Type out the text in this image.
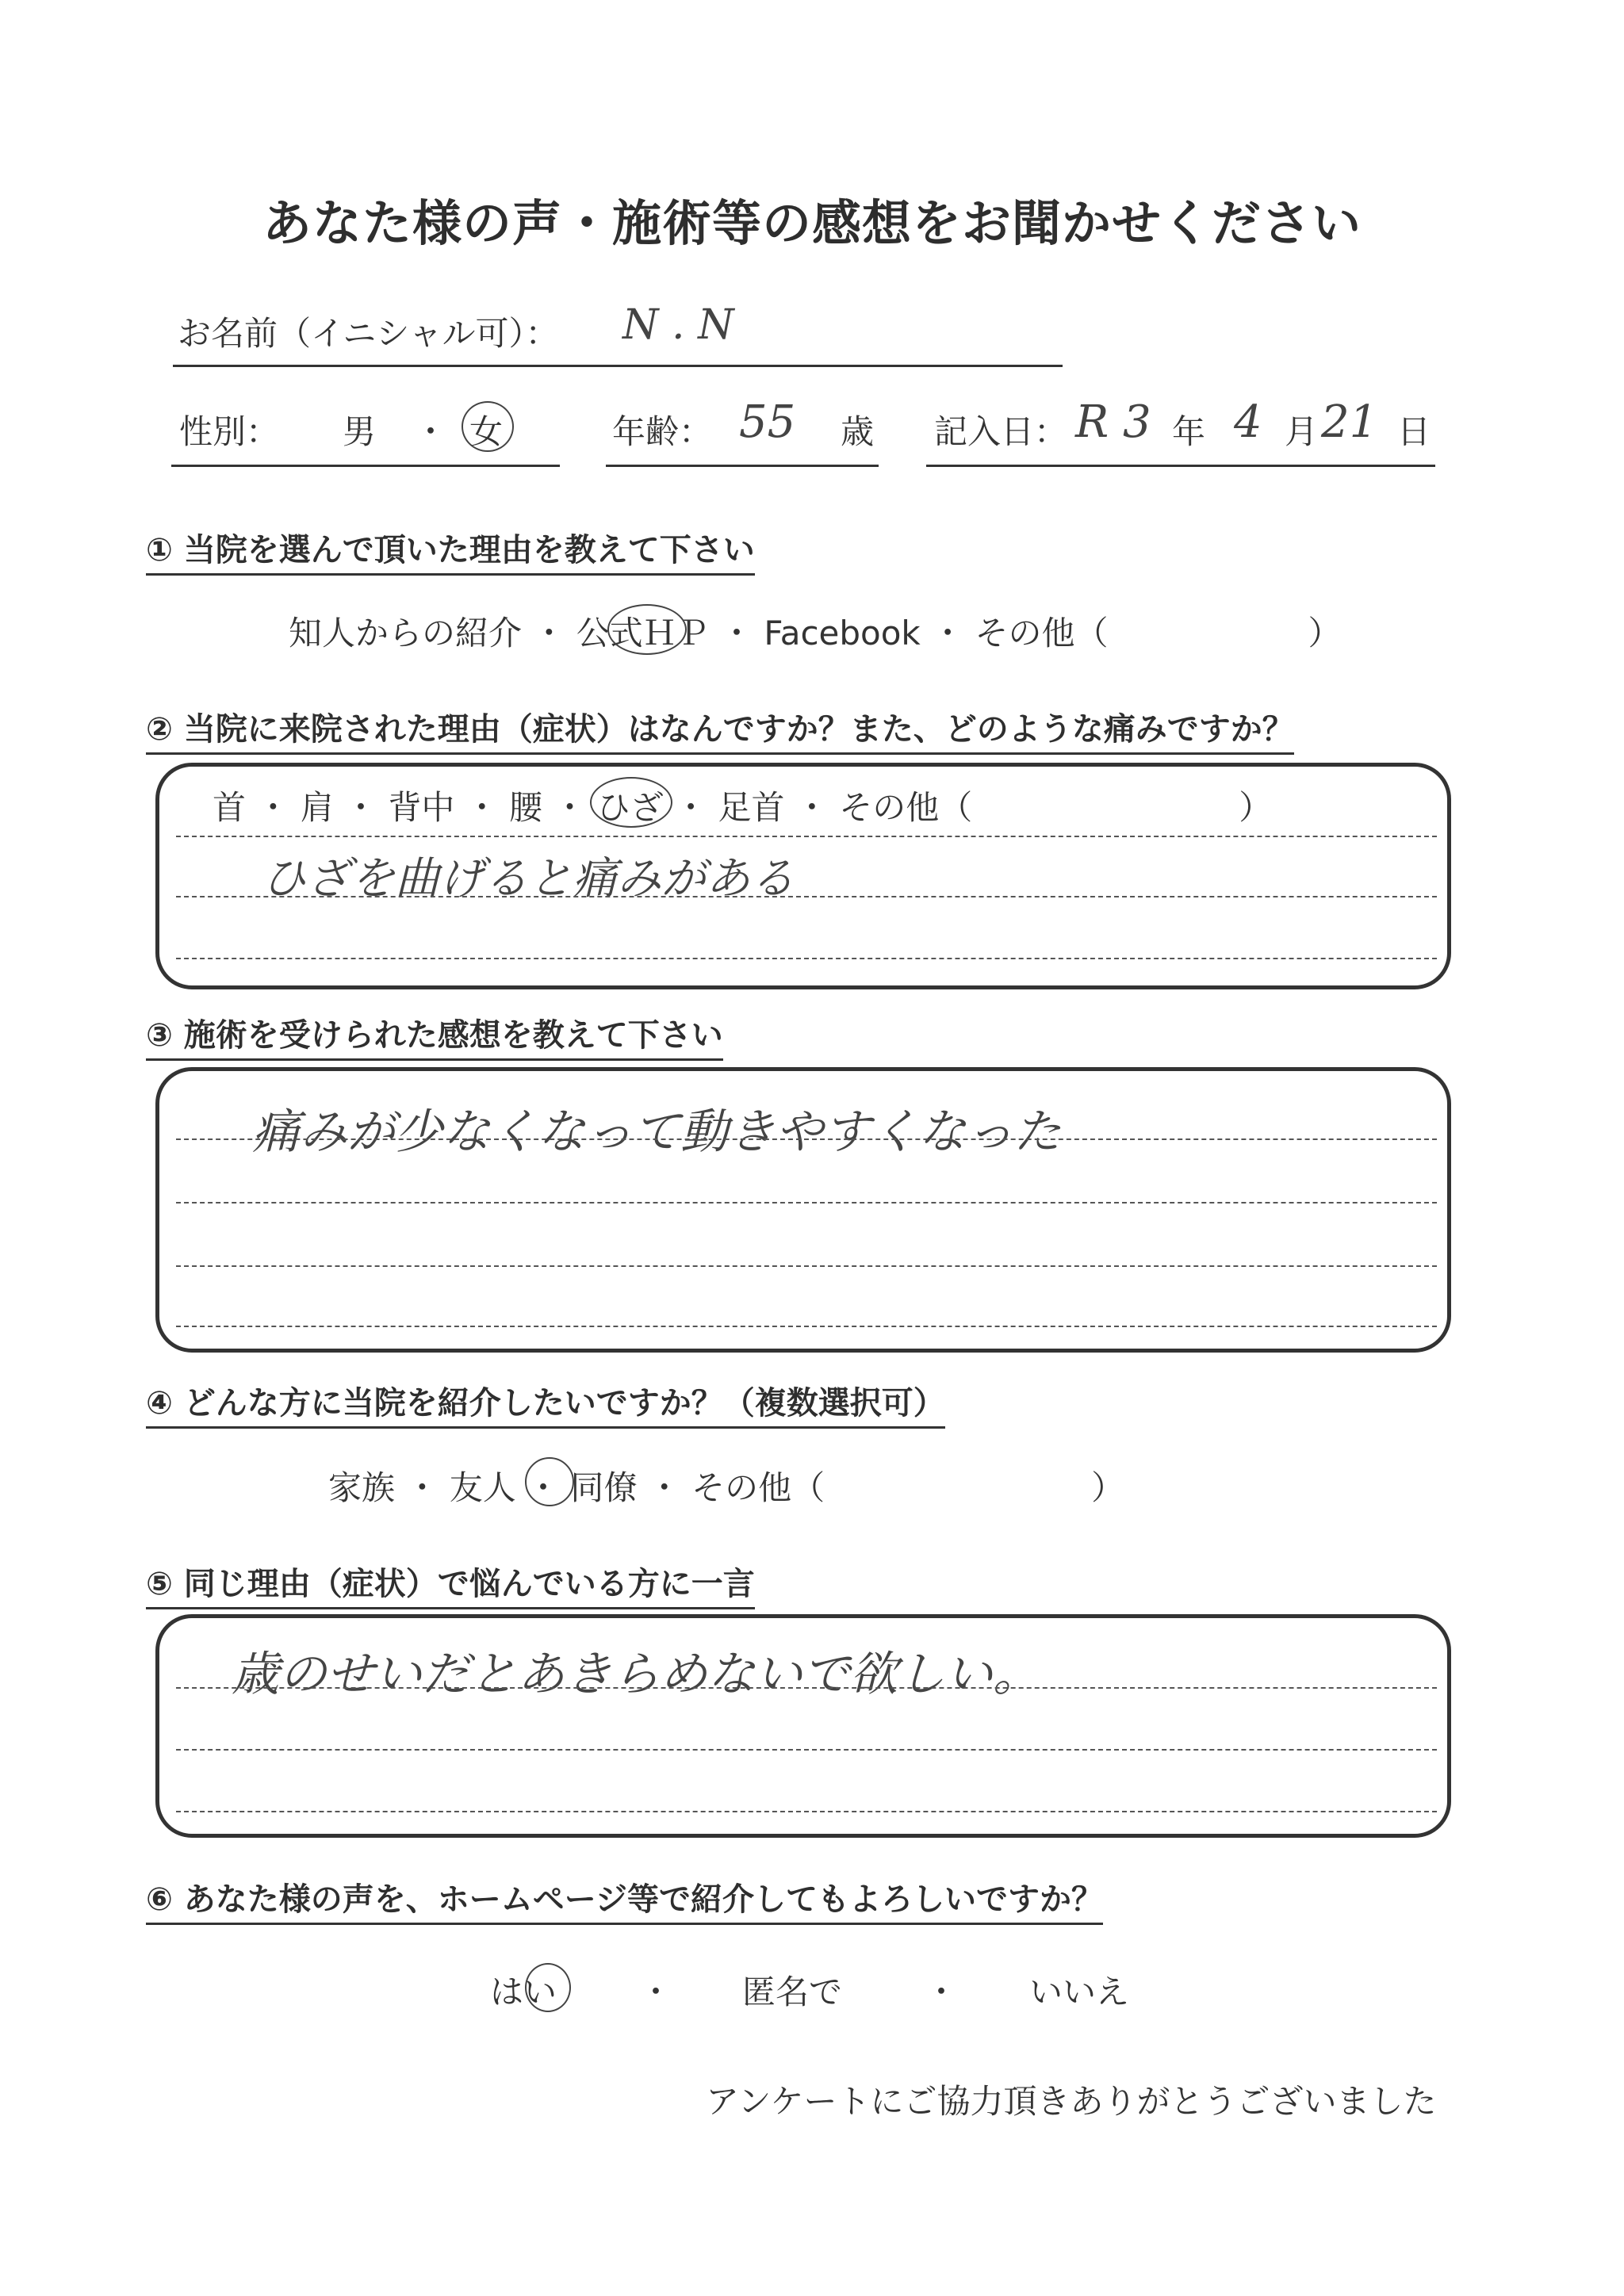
あなた様の声・施術等の感想をお聞かせください
お名前（イニシャル可）： N . N
性別： 男 ・ 女	年齢： 55 歳 記入日： R 3 年 4 月 21 日
① 当院を選んで頂いた理由を教えて下さい
知人からの紹介 ・ 公式ＨＰ ・ Facebook ・ その他（　　　　　　）
② 当院に来院された理由（症状）はなんですか？また、どのような痛みですか？
首 ・ 肩 ・ 背中 ・ 腰 ・ ひざ ・ 足首 ・ その他（　　　　　　　　）
ひざを曲げると痛みがある
③ 施術を受けられた感想を教えて下さい
痛みが少なくなって動きやすくなった
④ どんな方に当院を紹介したいですか？（複数選択可）
家族 ・ 友人 ・ 同僚 ・ その他（　　　　　　　　）
⑤ 同じ理由（症状）で悩んでいる方に一言
歳のせいだとあきらめないで欲しい。
⑥ あなた様の声を、ホームページ等で紹介してもよろしいですか？
はい ・ 匿名で ・ いいえ
アンケートにご協力頂きありがとうございました
